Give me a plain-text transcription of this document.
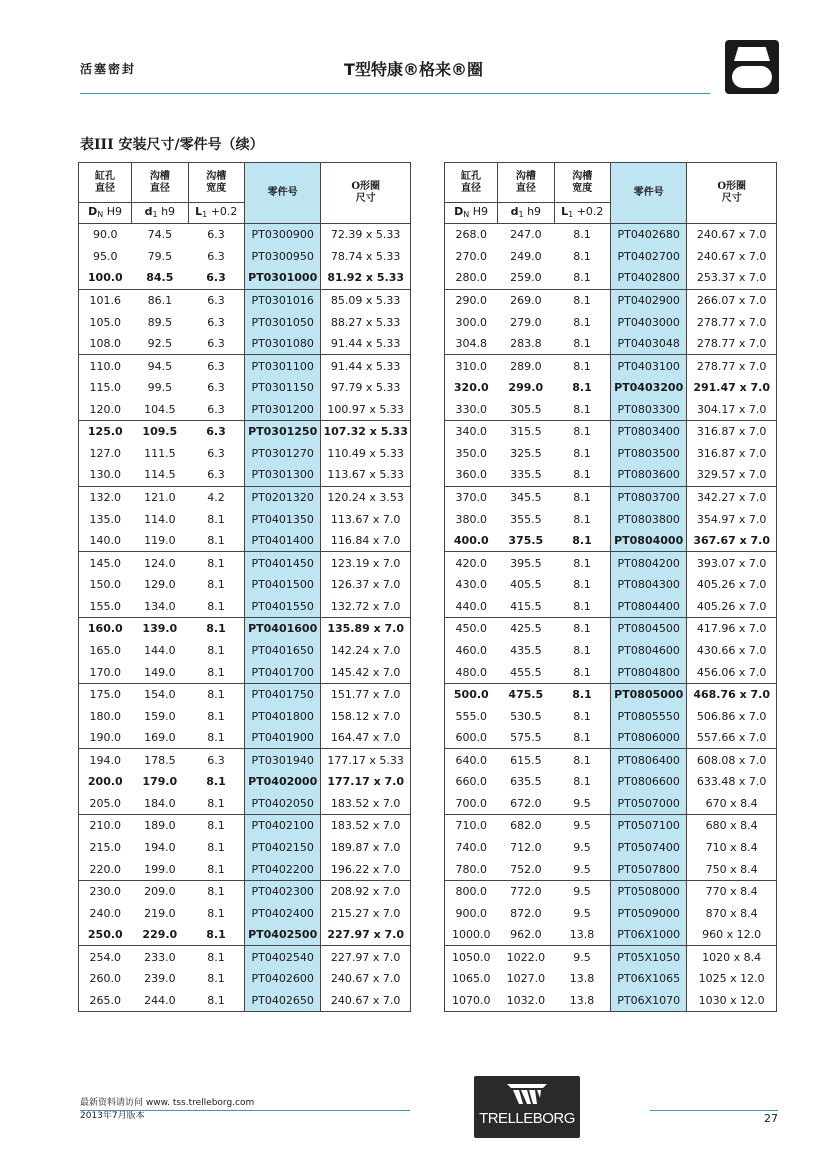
活塞密封	T型特康®格来®圈
表III 安装尺寸/零件号（续）
缸孔
直径	沟槽
直径	沟槽
宽度	零件号	O形圈
尺寸
$D_N$ H9	$d_1$ h9	$L_1 +0.2$		
90.0	74.5	6.3	PT0300900	72.39 x 5.33
95.0	79.5	6.3	PT0300950	78.74 x 5.33
100.0	84.5	6.3	PT0301000	81.92 x 5.33
101.6	86.1	6.3	PT0301016	85.09 x 5.33
105.0	89.5	6.3	PT0301050	88.27 x 5.33
108.0	92.5	6.3	PT0301080	91.44 x 5.33
110.0	94.5	6.3	PT0301100	91.44 x 5.33
115.0	99.5	6.3	PT0301150	97.79 x 5.33
120.0	104.5	6.3	PT0301200	100.97 x 5.33
125.0	109.5	6.3	PT0301250	107.32 x 5.33
127.0	111.5	6.3	PT0301270	110.49 x 5.33
130.0	114.5	6.3	PT0301300	113.67 x 5.33
132.0	121.0	4.2	PT0201320	120.24 x 3.53
135.0	114.0	8.1	PT0401350	113.67 x 7.0
140.0	119.0	8.1	PT0401400	116.84 x 7.0
145.0	124.0	8.1	PT0401450	123.19 x 7.0
150.0	129.0	8.1	PT0401500	126.37 x 7.0
155.0	134.0	8.1	PT0401550	132.72 x 7.0
160.0	139.0	8.1	PT0401600	135.89 x 7.0
165.0	144.0	8.1	PT0401650	142.24 x 7.0
170.0	149.0	8.1	PT0401700	145.42 x 7.0
175.0	154.0	8.1	PT0401750	151.77 x 7.0
180.0	159.0	8.1	PT0401800	158.12 x 7.0
190.0	169.0	8.1	PT0401900	164.47 x 7.0
194.0	178.5	6.3	PT0301940	177.17 x 5.33
200.0	179.0	8.1	PT0402000	177.17 x 7.0
205.0	184.0	8.1	PT0402050	183.52 x 7.0
210.0	189.0	8.1	PT0402100	183.52 x 7.0
215.0	194.0	8.1	PT0402150	189.87 x 7.0
220.0	199.0	8.1	PT0402200	196.22 x 7.0
230.0	209.0	8.1	PT0402300	208.92 x 7.0
240.0	219.0	8.1	PT0402400	215.27 x 7.0
250.0	229.0	8.1	PT0402500	227.97 x 7.0
254.0	233.0	8.1	PT0402540	227.97 x 7.0
260.0	239.0	8.1	PT0402600	240.67 x 7.0
265.0	244.0	8.1	PT0402650	240.67 x 7.0
缸孔
直径	沟槽
直径	沟槽
宽度	零件号	O形圈
尺寸
$D_N$ H9	$d_1$ h9	$L_1 +0.2$		
268.0	247.0	8.1	PT0402680	240.67 x 7.0
270.0	249.0	8.1	PT0402700	240.67 x 7.0
280.0	259.0	8.1	PT0402800	253.37 x 7.0
290.0	269.0	8.1	PT0402900	266.07 x 7.0
300.0	279.0	8.1	PT0403000	278.77 x 7.0
304.8	283.8	8.1	PT0403048	278.77 x 7.0
310.0	289.0	8.1	PT0403100	278.77 x 7.0
320.0	299.0	8.1	PT0403200	291.47 x 7.0
330.0	305.5	8.1	PT0803300	304.17 x 7.0
340.0	315.5	8.1	PT0803400	316.87 x 7.0
350.0	325.5	8.1	PT0803500	316.87 x 7.0
360.0	335.5	8.1	PT0803600	329.57 x 7.0
370.0	345.5	8.1	PT0803700	342.27 x 7.0
380.0	355.5	8.1	PT0803800	354.97 x 7.0
400.0	375.5	8.1	PT0804000	367.67 x 7.0
420.0	395.5	8.1	PT0804200	393.07 x 7.0
430.0	405.5	8.1	PT0804300	405.26 x 7.0
440.0	415.5	8.1	PT0804400	405.26 x 7.0
450.0	425.5	8.1	PT0804500	417.96 x 7.0
460.0	435.5	8.1	PT0804600	430.66 x 7.0
480.0	455.5	8.1	PT0804800	456.06 x 7.0
500.0	475.5	8.1	PT0805000	468.76 x 7.0
555.0	530.5	8.1	PT0805550	506.86 x 7.0
600.0	575.5	8.1	PT0806000	557.66 x 7.0
640.0	615.5	8.1	PT0806400	608.08 x 7.0
660.0	635.5	8.1	PT0806600	633.48 x 7.0
700.0	672.0	9.5	PT0507000	670 x 8.4
710.0	682.0	9.5	PT0507100	680 x 8.4
740.0	712.0	9.5	PT0507400	710 x 8.4
780.0	752.0	9.5	PT0507800	750 x 8.4
800.0	772.0	9.5	PT0508000	770 x 8.4
900.0	872.0	9.5	PT0509000	870 x 8.4
1000.0	962.0	13.8	PT06X1000	960 x 12.0
1050.0	1022.0	9.5	PT05X1050	1020 x 8.4
1065.0	1027.0	13.8	PT06X1065	1025 x 12.0
1070.0	1032.0	13.8	PT06X1070	1030 x 12.0
最新资料请访问 www. tss.trelleborg.com
2013年7月版本	TRELLEBORG	27
